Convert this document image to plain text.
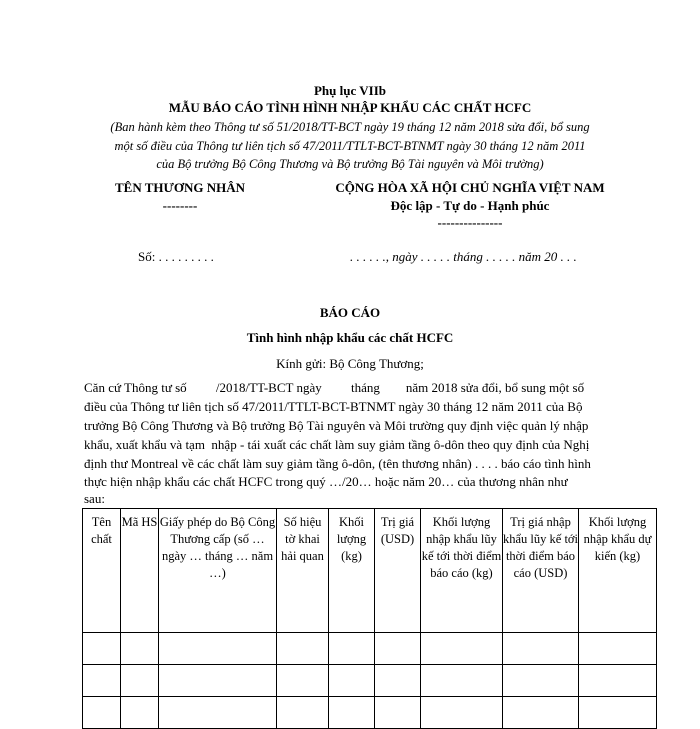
Phụ lục VIIb
MẪU BÁO CÁO TÌNH HÌNH NHẬP KHẨU CÁC CHẤT HCFC
(Ban hành kèm theo Thông tư số 51/2018/TT-BCT ngày 19 tháng 12 năm 2018 sửa đổi, bổ sung
một số điều của Thông tư liên tịch số 47/2011/TTLT-BCT-BTNMT ngày 30 tháng 12 năm 2011
của Bộ trưởng Bộ Công Thương và Bộ trưởng Bộ Tài nguyên và Môi trường)
TÊN THƯƠNG NHÂN
--------
CỘNG HÒA XÃ HỘI CHỦ NGHĨA VIỆT NAM
Độc lập - Tự do - Hạnh phúc
---------------
Số: . . . . . . . . .	. . . . . ., ngày . . . . . tháng . . . . . năm 20 . . .
BÁO CÁO
Tình hình nhập khẩu các chất HCFC
Kính gửi: Bộ Công Thương;
Căn cứ Thông tư số         /2018/TT-BCT ngày         tháng        năm 2018 sửa đổi, bổ sung một số
điều của Thông tư liên tịch số 47/2011/TTLT-BCT-BTNMT ngày 30 tháng 12 năm 2011 của Bộ
trưởng Bộ Công Thương và Bộ trưởng Bộ Tài nguyên và Môi trường quy định việc quản lý nhập
khẩu, xuất khẩu và tạm  nhập - tái xuất các chất làm suy giảm tầng ô-dôn theo quy định của Nghị
định thư Montreal về các chất làm suy giảm tầng ô-dôn, (tên thương nhân) . . . . báo cáo tình hình
thực hiện nhập khẩu các chất HCFC trong quý …/20… hoặc năm 20… của thương nhân như
sau:
Tên chất	Mã HS	Giấy phép do Bộ Công Thương cấp (số … ngày … tháng … năm …)	Số hiệu tờ khai hải quan	Khối lượng (kg)	Trị giá (USD)	Khối lượng nhập khẩu lũy kế tới thời điểm báo cáo (kg)	Trị giá nhập khẩu lũy kế tới thời điểm báo cáo (USD)	Khối lượng nhập khẩu dự kiến (kg)
